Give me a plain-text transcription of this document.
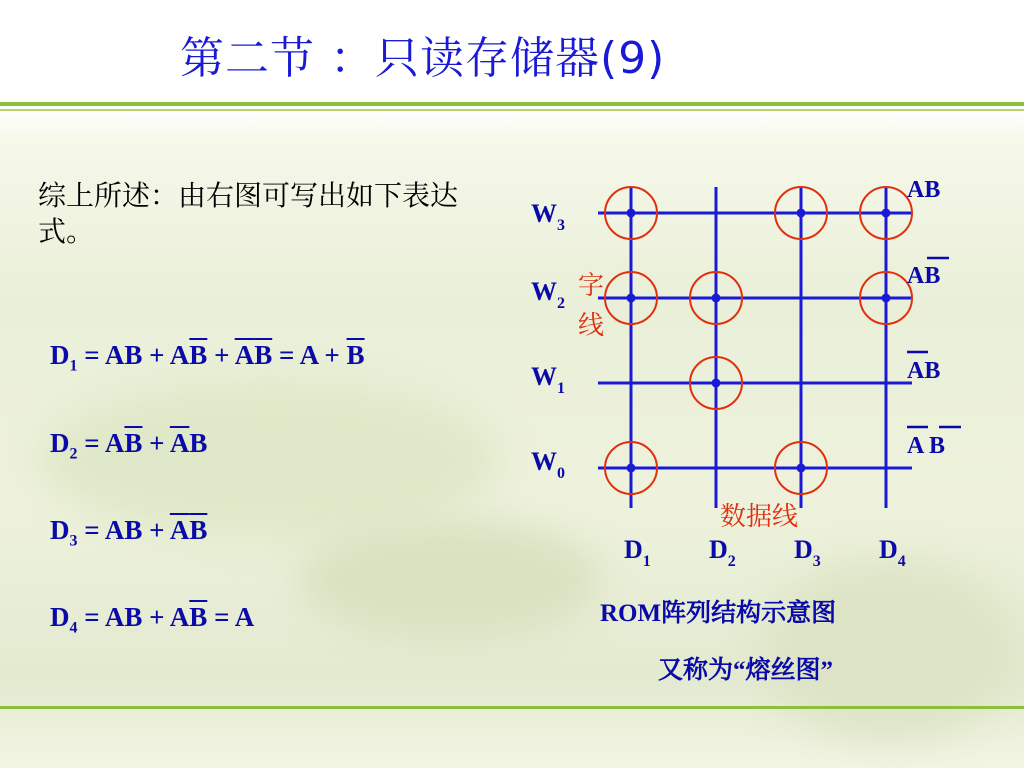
第二节 ：只读存储器(9)
综上所述：由右图可写出如下表达式。
$D_1$ = AB + $A\overline{B} + \overline{A}\overline{B} = A + \overline{B}$
$D_2 = A\overline{B} + \overline{A}B$
$D_3$ = AB + $\overline{A}\overline{B}$
$D_4$ = AB + $A\overline{B} = A$
$W_3$
$W_2$
$W_1$
$W_0$
字
线
AB
AB
AB
A B
数据线
$D_1$ $D_2$ $D_3$ $D_4$
ROM阵列结构示意图
又称为“熔丝图”
